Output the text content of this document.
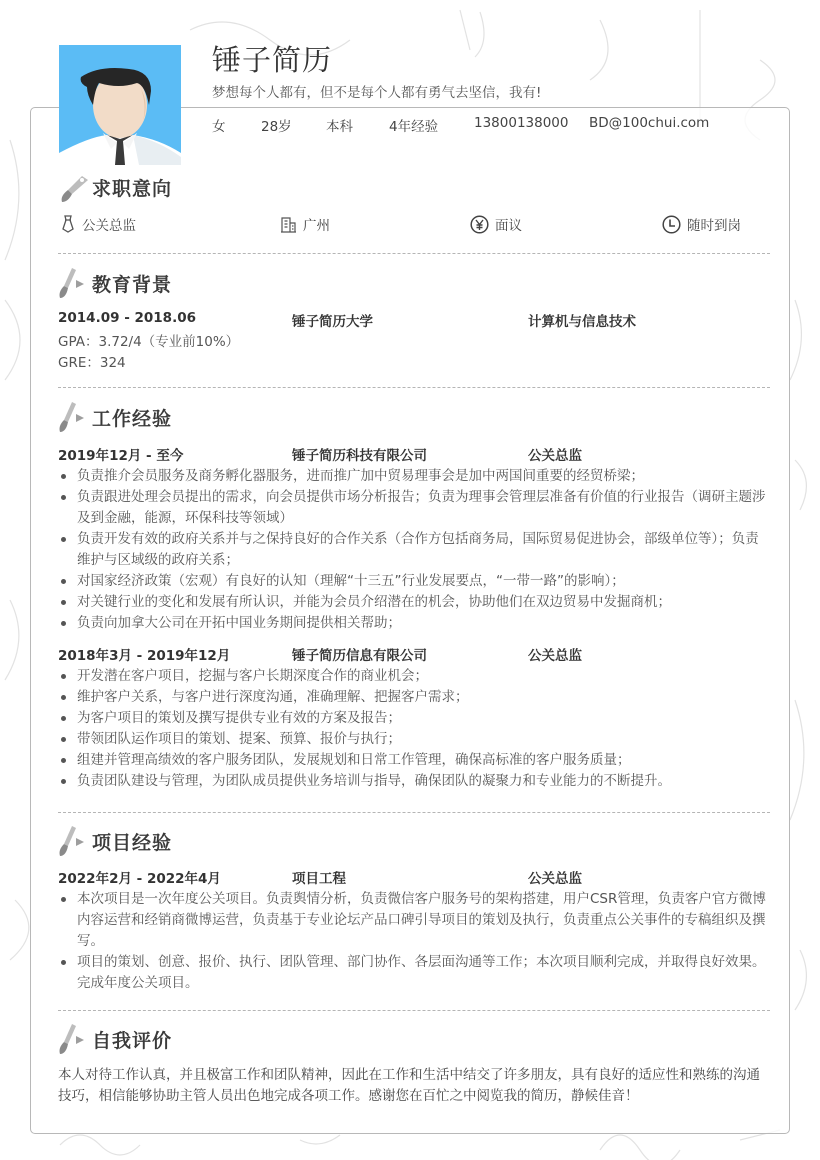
锤子简历
梦想每个人都有，但不是每个人都有勇气去坚信，我有!
女	28岁	本科	4年经验	13800138000	BD@100chui.com
求职意向
公关总监	广州	面议	随时到岗
教育背景
2014.09 - 2018.06	锤子简历大学	计算机与信息技术
GPA：3.72/4（专业前10%）
GRE：324
工作经验
2019年12月 - 至今	锤子简历科技有限公司	公关总监
负责推介会员服务及商务孵化器服务，进而推广加中贸易理事会是加中两国间重要的经贸桥梁；
负责跟进处理会员提出的需求，向会员提供市场分析报告；负责为理事会管理层准备有价值的行业报告（调研主题涉及到金融，能源，环保科技等领域）
负责开发有效的政府关系并与之保持良好的合作关系（合作方包括商务局，国际贸易促进协会，部级单位等）；负责维护与区域级的政府关系；
对国家经济政策（宏观）有良好的认知（理解“十三五”行业发展要点，“一带一路”的影响）；
对关键行业的变化和发展有所认识，并能为会员介绍潜在的机会，协助他们在双边贸易中发掘商机；
负责向加拿大公司在开拓中国业务期间提供相关帮助；
2018年3月 - 2019年12月	锤子简历信息有限公司	公关总监
开发潜在客户项目，挖掘与客户长期深度合作的商业机会；
维护客户关系，与客户进行深度沟通，准确理解、把握客户需求；
为客户项目的策划及撰写提供专业有效的方案及报告；
带领团队运作项目的策划、提案、预算、报价与执行；
组建并管理高绩效的客户服务团队，发展规划和日常工作管理，确保高标准的客户服务质量；
负责团队建设与管理，为团队成员提供业务培训与指导，确保团队的凝聚力和专业能力的不断提升。
项目经验
2022年2月 - 2022年4月	项目工程	公关总监
本次项目是一次年度公关项目。负责舆情分析，负责微信客户服务号的架构搭建，用户CSR管理，负责客户官方微博内容运营和经销商微博运营，负责基于专业论坛产品口碑引导项目的策划及执行，负责重点公关事件的专稿组织及撰写。
项目的策划、创意、报价、执行、团队管理、部门协作、各层面沟通等工作；本次项目顺利完成，并取得良好效果。完成年度公关项目。
自我评价
本人对待工作认真，并且极富工作和团队精神，因此在工作和生活中结交了许多朋友，具有良好的适应性和熟练的沟通技巧，相信能够协助主管人员出色地完成各项工作。感谢您在百忙之中阅览我的简历，静候佳音！
